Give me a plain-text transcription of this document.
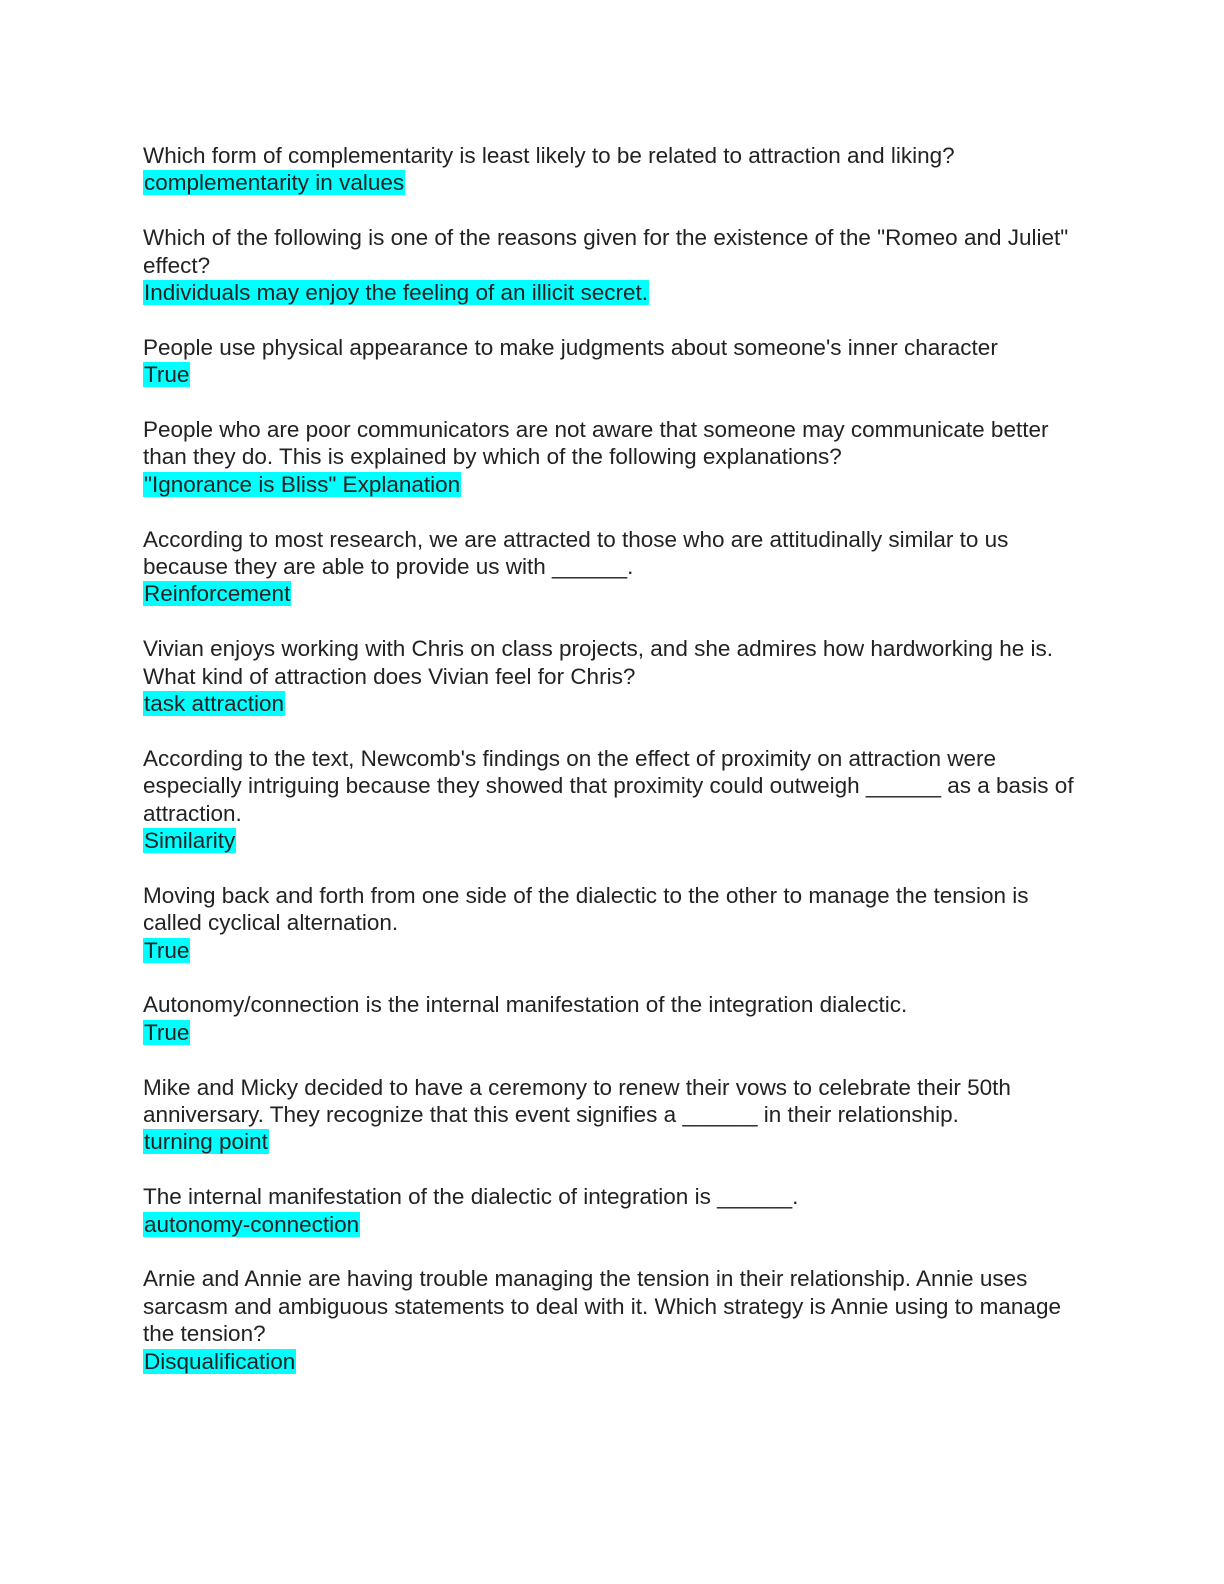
Which form of complementarity is least likely to be related to attraction and liking?
complementarity in values
Which of the following is one of the reasons given for the existence of the "Romeo and Juliet" effect?
Individuals may enjoy the feeling of an illicit secret.
People use physical appearance to make judgments about someone's inner character
True
People who are poor communicators are not aware that someone may communicate better than they do. This is explained by which of the following explanations?
"Ignorance is Bliss" Explanation
According to most research, we are attracted to those who are attitudinally similar to us because they are able to provide us with ______.
Reinforcement
Vivian enjoys working with Chris on class projects, and she admires how hardworking he is. What kind of attraction does Vivian feel for Chris?
task attraction
According to the text, Newcomb's findings on the effect of proximity on attraction were especially intriguing because they showed that proximity could outweigh ______ as a basis of attraction.
Similarity
Moving back and forth from one side of the dialectic to the other to manage the tension is called cyclical alternation.
True
Autonomy/connection is the internal manifestation of the integration dialectic.
True
Mike and Micky decided to have a ceremony to renew their vows to celebrate their 50th anniversary. They recognize that this event signifies a ______ in their relationship.
turning point
The internal manifestation of the dialectic of integration is ______.
autonomy-connection
Arnie and Annie are having trouble managing the tension in their relationship. Annie uses sarcasm and ambiguous statements to deal with it. Which strategy is Annie using to manage the tension?
Disqualification
